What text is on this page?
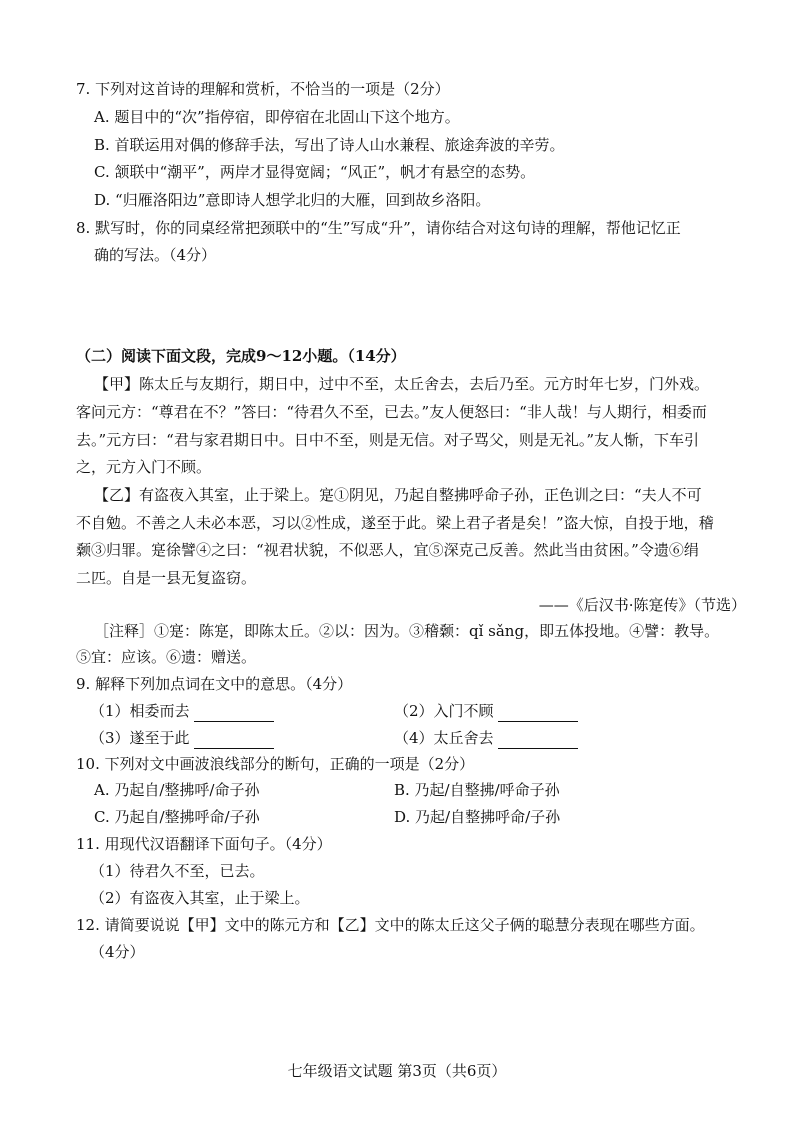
7. 下列对这首诗的理解和赏析，不恰当的一项是（2分）
A. 题目中的“次”指停宿，即停宿在北固山下这个地方。
B. 首联运用对偶的修辞手法，写出了诗人山水兼程、旅途奔波的辛劳。
C. 颔联中“潮平”，两岸才显得宽阔；“风正”，帆才有悬空的态势。
D. “归雁洛阳边”意即诗人想学北归的大雁，回到故乡洛阳。
8. 默写时，你的同桌经常把颈联中的“生”写成“升”，请你结合对这句诗的理解，帮他记忆正
确的写法。（4分）
（二）阅读下面文段，完成9～12小题。（14分）
【甲】陈太丘与友期行，期日中，过中不至，太丘舍去，去后乃至。元方时年七岁，门外戏。
客问元方：“尊君在不？”答曰：“待君久不至，已去。”友人便怒曰：“非人哉！与人期行，相委而
去。”元方曰：“君与家君期日中。日中不至，则是无信。对子骂父，则是无礼。”友人惭，下车引
之，元方入门不顾。
【乙】有盗夜入其室，止于梁上。寔①阴见，乃起自整拂呼命子孙，正色训之曰：“夫人不可
不自勉。不善之人未必本恶，习以②性成，遂至于此。梁上君子者是矣！”盗大惊，自投于地，稽
颡③归罪。寔徐譬④之曰：“视君状貌，不似恶人，宜⑤深克己反善。然此当由贫困。”令遗⑥绢
二匹。自是一县无复盗窃。
——《后汉书·陈寔传》（节选）
［注释］①寔：陈寔，即陈太丘。②以：因为。③稽颡：qǐ sǎng，即五体投地。④譬：教导。
⑤宜：应该。⑥遗：赠送。
9. 解释下列加点词在文中的意思。（4分）
（1）相委而去	（2）入门不顾
（3）遂至于此	（4）太丘舍去
10. 下列对文中画波浪线部分的断句，正确的一项是（2分）
A. 乃起自/整拂呼/命子孙	B. 乃起/自整拂/呼命子孙
C. 乃起自/整拂呼命/子孙	D. 乃起/自整拂呼命/子孙
11. 用现代汉语翻译下面句子。（4分）
（1）待君久不至，已去。
（2）有盗夜入其室，止于梁上。
12. 请简要说说【甲】文中的陈元方和【乙】文中的陈太丘这父子俩的聪慧分表现在哪些方面。
（4分）
七年级语文试题 第3页（共6页）
